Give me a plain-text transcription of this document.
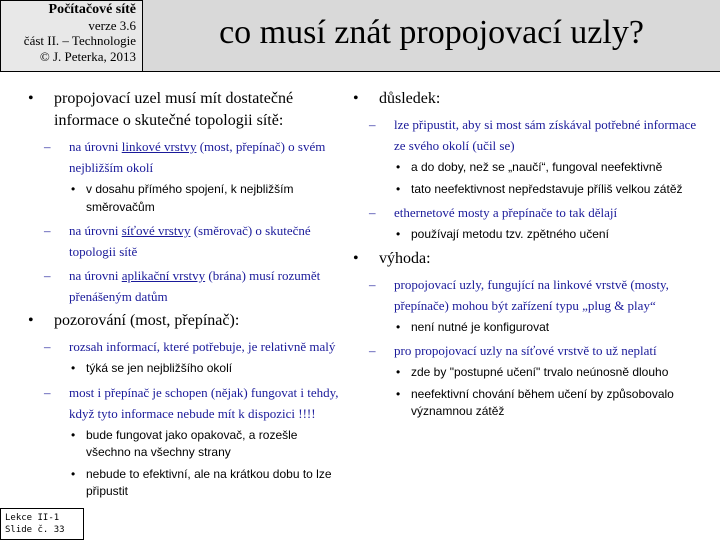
Počítačové sítě
verze 3.6
část II. – Technologie
© J. Peterka, 2013
co musí znát propojovací uzly?
• propojovací uzel musí mít dostatečné informace o skutečné topologii sítě:
– na úrovni linkové vrstvy (most, přepínač) o svém nejbližším okolí
• v dosahu přímého spojení, k nejbližším směrovačům
– na úrovni síťové vrstvy (směrovač) o skutečné topologii sítě
– na úrovni aplikační vrstvy (brána) musí rozumět přenášeným datům
• pozorování (most, přepínač):
– rozsah informací, které potřebuje, je relativně malý
• týká se jen nejbližšího okolí
– most i přepínač je schopen (nějak) fungovat i tehdy, když tyto informace nebude mít k dispozici !!!!
• bude fungovat jako opakovač, a rozešle všechno na všechny strany
• nebude to efektivní, ale na krátkou dobu to lze připustit
• důsledek:
– lze připustit, aby si most sám získával potřebné informace ze svého okolí (učil se)
• a do doby, než se „naučí“, fungoval neefektivně
• tato neefektivnost nepředstavuje příliš velkou zátěž
– ethernetové mosty a přepínače to tak dělají
• používají metodu tzv. zpětného učení
• výhoda:
– propojovací uzly, fungující na linkové vrstvě (mosty, přepínače) mohou být zařízení typu „plug & play“
• není nutné je konfigurovat
– pro propojovací uzly na síťové vrstvě to už neplatí
• zde by "postupné učení" trvalo neúnosně dlouho
• neefektivní chování během učení by způsobovalo významnou zátěž
Lekce II-1
Slide č. 33
